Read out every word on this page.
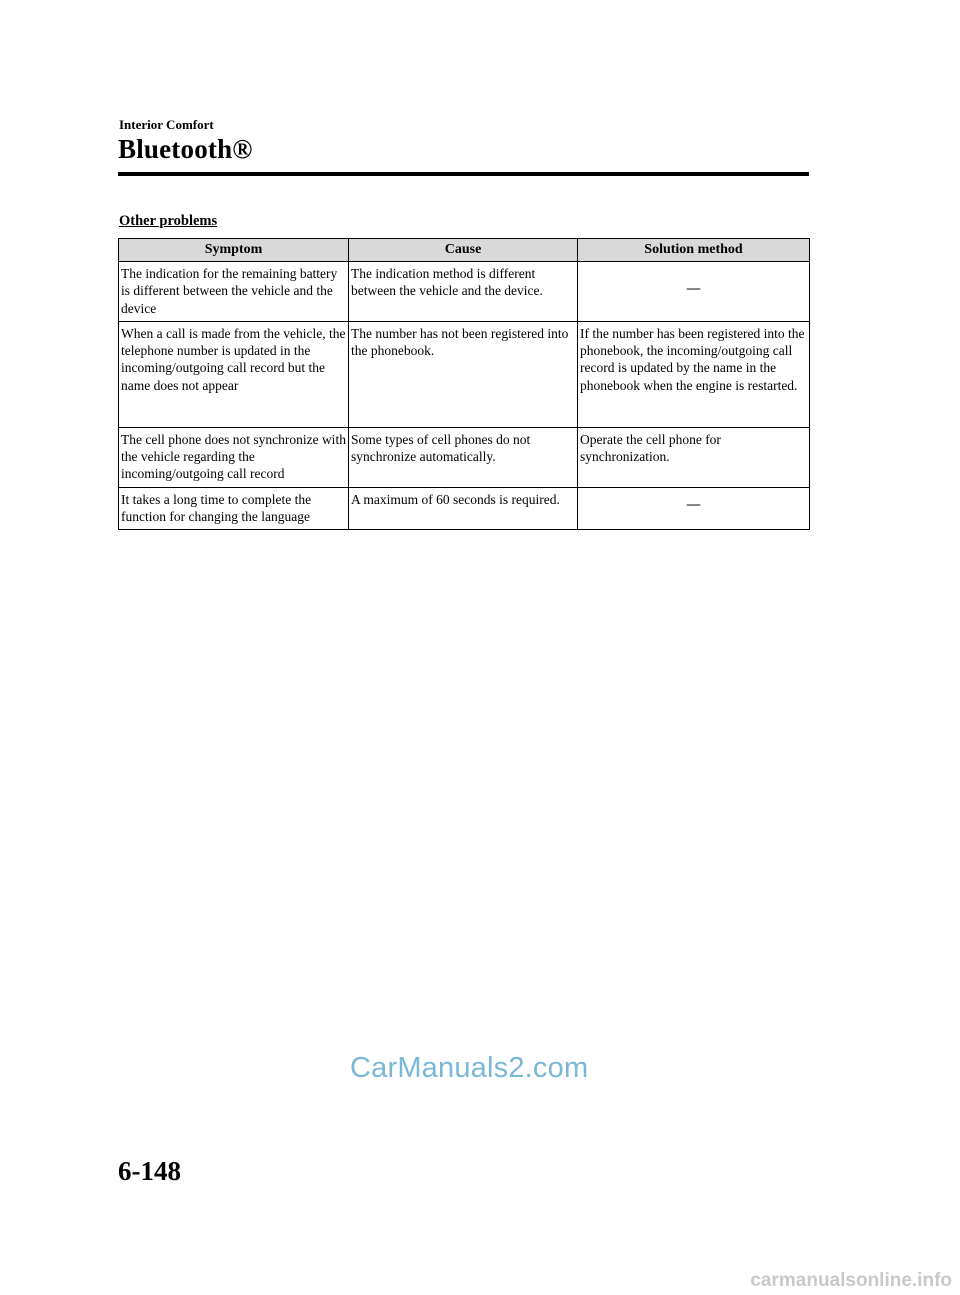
Interior Comfort
Bluetooth®
Other problems
Symptom	Cause	Solution method
The indication for the remaining battery is different between the vehicle and the device	The indication method is different between the vehicle and the device.	—
When a call is made from the vehicle, the telephone number is updated in the incoming/outgoing call record but the name does not appear	The number has not been registered into the phonebook.	If the number has been registered into the phonebook, the incoming/outgoing call record is updated by the name in the phonebook when the engine is restarted.
The cell phone does not synchronize with the vehicle regarding the incoming/outgoing call record	Some types of cell phones do not synchronize automatically.	Operate the cell phone for synchronization.
It takes a long time to complete the function for changing the language	A maximum of 60 seconds is required.	—
CarManuals2.com
6-148
carmanualsonline.info
